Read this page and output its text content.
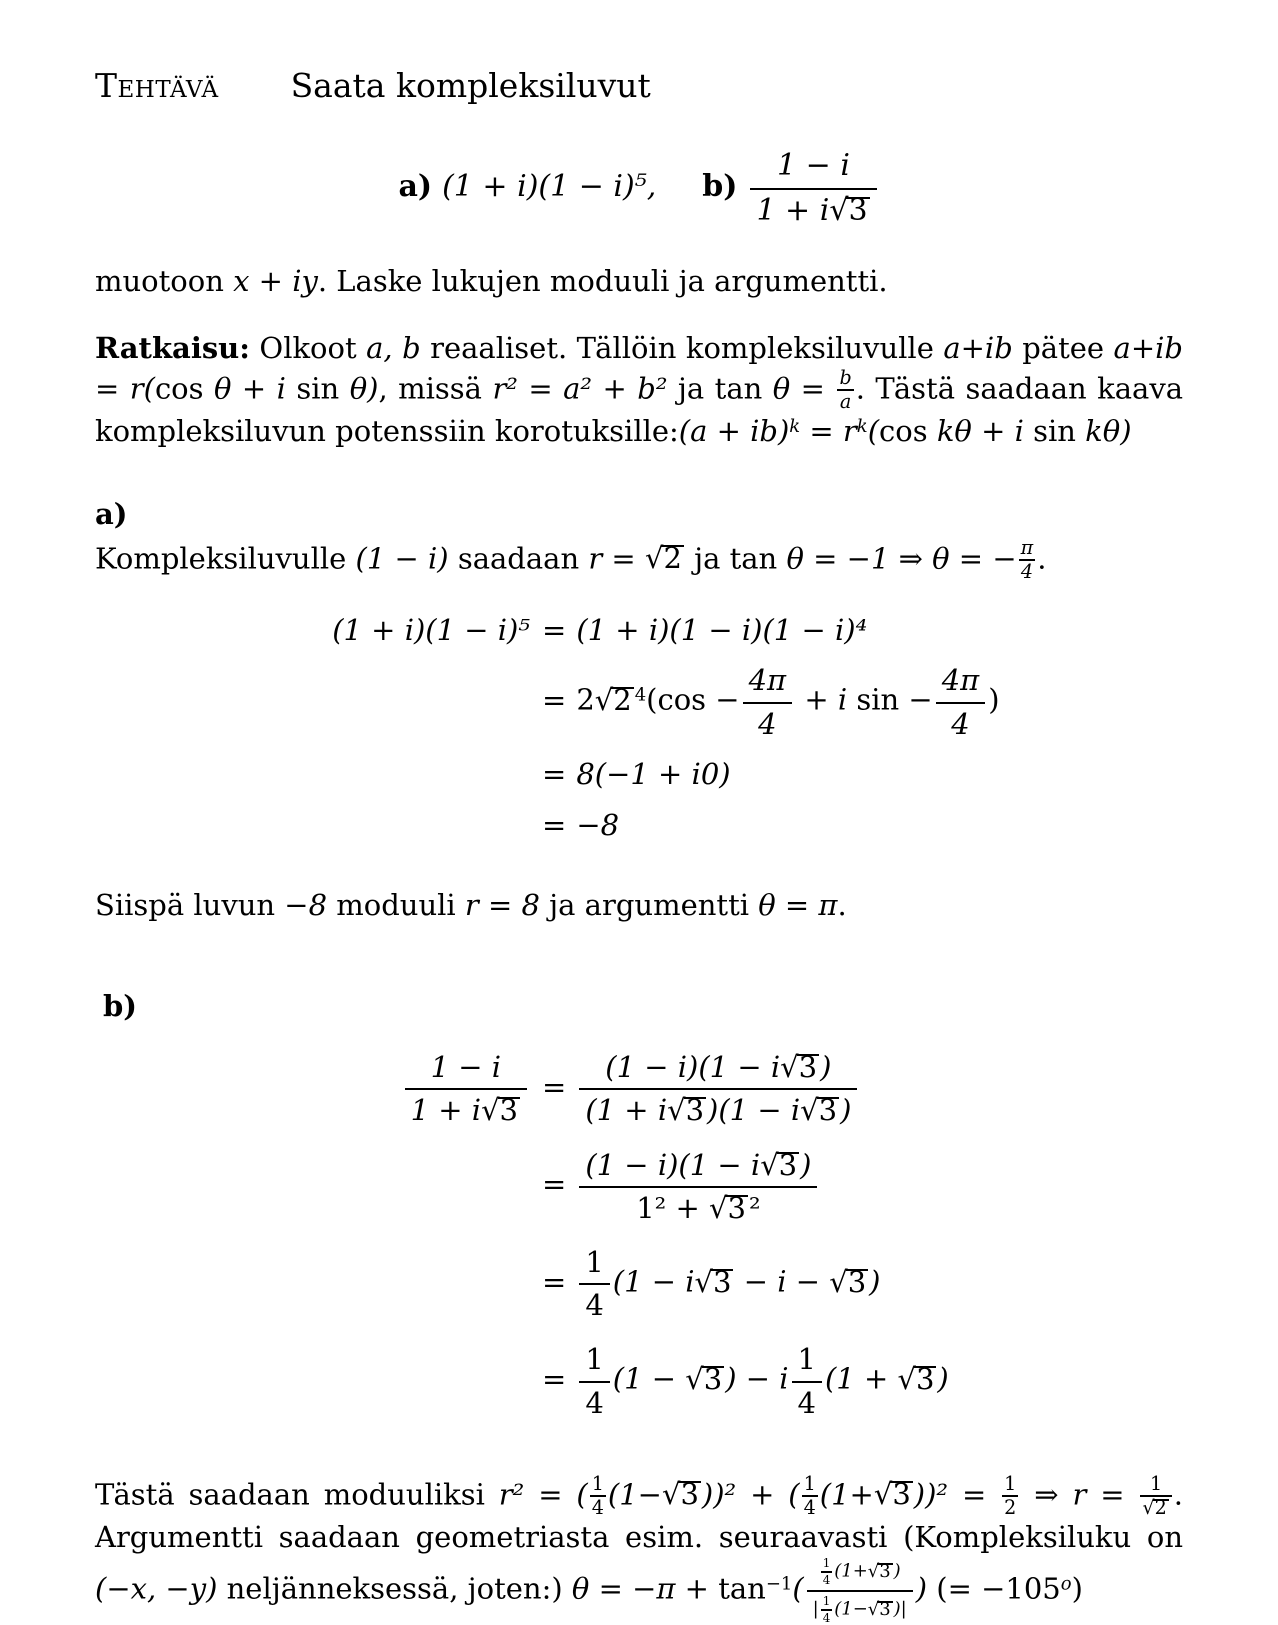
Tehtävä Saata kompleksiluvut

a) (1 + i)(1 − i)⁵, $b) \frac{1 - i}{1 + i √ 3}$

muotoon x + iy. Laske lukujen moduuli ja argumentti.

Ratkaisu: Olkoot a, b reaaliset. Tällöin kompleksiluvulle a+ib pätee a+ib = r(cos θ + i sin θ), missä r² = a² + b² ja $\tan \theta = \frac{b}{a}$ . Tästä saadaan kaava kompleksiluvun potenssiin korotuksille:(a + $ib)^k = r^k(\cos$ kθ + i sin kθ)

a)

Kompleksiluvulle (1 − i) saadaan r = √ 2 ja tan θ = −1 ⇒ θ = − $\frac{\pi}{4}$ .

(1 + i)(1 − i)⁵ = (1 + i)(1 − i)(1 − i)⁴
= 2 √ 2 $^4(\cos - \frac{4\pi}{4} + i$ $\sin - \frac{4\pi}{4}$ )
= 8(−1 + i0)
= −8

Siispä luvun −8 moduuli r = 8 ja argumentti θ = π.

b)

$\frac{1 - i}{1 + i √ 3} = \frac{(1 - i)(1 - i √ 3 )}{(1 + i √ 3 )(1 - i √ 3 )}$
= $\frac{(1 - i)(1 - i √ 3 )}{\text{1² + √ 3 ²}}$
= $\frac{1}{4} (1 - i$ √ 3 − i − √ 3 )
= $\frac{1}{4} (1$ − √ 3 ) − i $\frac{1}{4} (1$ + √ 3 )

Tästä saadaan moduuliksi r² = ( $\frac{1}{4} (1-$ √ 3 ))² + ( $\frac{1}{4} (1+$ √ 3 ))$^2 = \frac{1}{2}$ ⇒ r = 1
√ 2 . Argumentti saadaan geometriasta esim. seuraavasti (Kompleksiluku on (−x, −y) neljänneksessä, joten:) $\theta = -\pi + \tan^{-1}( \frac{\frac{1}{4} (1+ √ 3 )}{| \frac{1}{4} (1- √ 3 )|}$ ) (= $-105^o$)
